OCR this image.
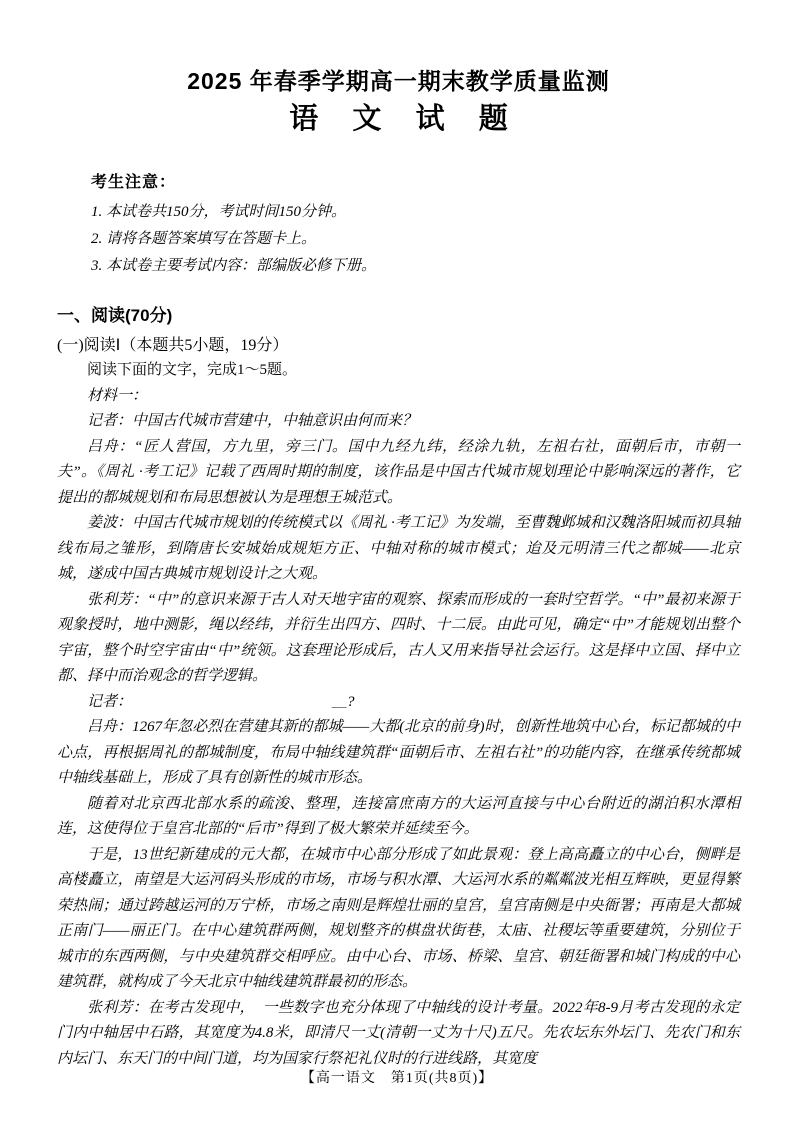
2025 年春季学期高一期末教学质量监测
语 文 试 题
考生注意：
1. 本试卷共150分，考试时间150分钟。
2. 请将各题答案填写在答题卡上。
3. 本试卷主要考试内容：部编版必修下册。
一、阅读(70分)
(一)阅读Ⅰ（本题共5小题，19分）

阅读下面的文字，完成1～5题。

材料一：

记者：中国古代城市营建中，中轴意识由何而来？

吕舟：“匠人营国，方九里，旁三门。国中九经九纬，经涂九轨，左祖右社，面朝后市，市朝一夫”。《周礼 ·考工记》记载了西周时期的制度，该作品是中国古代城市规划理论中影响深远的著作，它提出的都城规划和布局思想被认为是理想王城范式。

姜波：中国古代城市规划的传统模式以《周礼 ·考工记》为发端，至曹魏邺城和汉魏洛阳城而初具轴线布局之雏形，到隋唐长安城始成规矩方正、中轴对称的城市模式；迨及元明清三代之都城——北京城，遂成中国古典城市规划设计之大观。

张利芳：“中”的意识来源于古人对天地宇宙的观察、探索而形成的一套时空哲学。“中”最初来源于观象授时，地中测影，绳以经纬，并衍生出四方、四时、十二辰。由此可见，确定“中”才能规划出整个宇宙，整个时空宇宙由“中”统领。这套理论形成后，古人又用来指导社会运行。这是择中立国、择中立都、择中而治观念的哲学逻辑。

记者：	＿?

吕舟：1267年忽必烈在营建其新的都城——大都(北京的前身)时，创新性地筑中心台，标记都城的中心点，再根据周礼的都城制度，布局中轴线建筑群“面朝后市、左祖右社”的功能内容，在继承传统都城中轴线基础上，形成了具有创新性的城市形态。

随着对北京西北部水系的疏浚、整理，连接富庶南方的大运河直接与中心台附近的湖泊积水潭相连，这使得位于皇宫北部的“后市”得到了极大繁荣并延续至今。

于是，13世纪新建成的元大都，在城市中心部分形成了如此景观：登上高高矗立的中心台，侧畔是高楼矗立，南望是大运河码头形成的市场，市场与积水潭、大运河水系的粼粼波光相互辉映，更显得繁荣热闹；通过跨越运河的万宁桥，市场之南则是辉煌壮丽的皇宫，皇宫南侧是中央衙署；再南是大都城正南门——丽正门。在中心建筑群两侧，规划整齐的棋盘状街巷，太庙、社稷坛等重要建筑，分别位于城市的东西两侧，与中央建筑群交相呼应。由中心台、市场、桥梁、皇宫、朝廷衙署和城门构成的中心建筑群，就构成了今天北京中轴线建筑群最初的形态。

张利芳：在考古发现中，　一些数字也充分体现了中轴线的设计考量。2022年8-9月考古发现的永定门内中轴居中石路，其宽度为4.8米，即清尺一丈(清朝一丈为十尺)五尺。先农坛东外坛门、先农门和东内坛门、东天门的中间门道，均为国家行祭祀礼仪时的行进线路，其宽度

【高一语文　第1页(共8页)】
